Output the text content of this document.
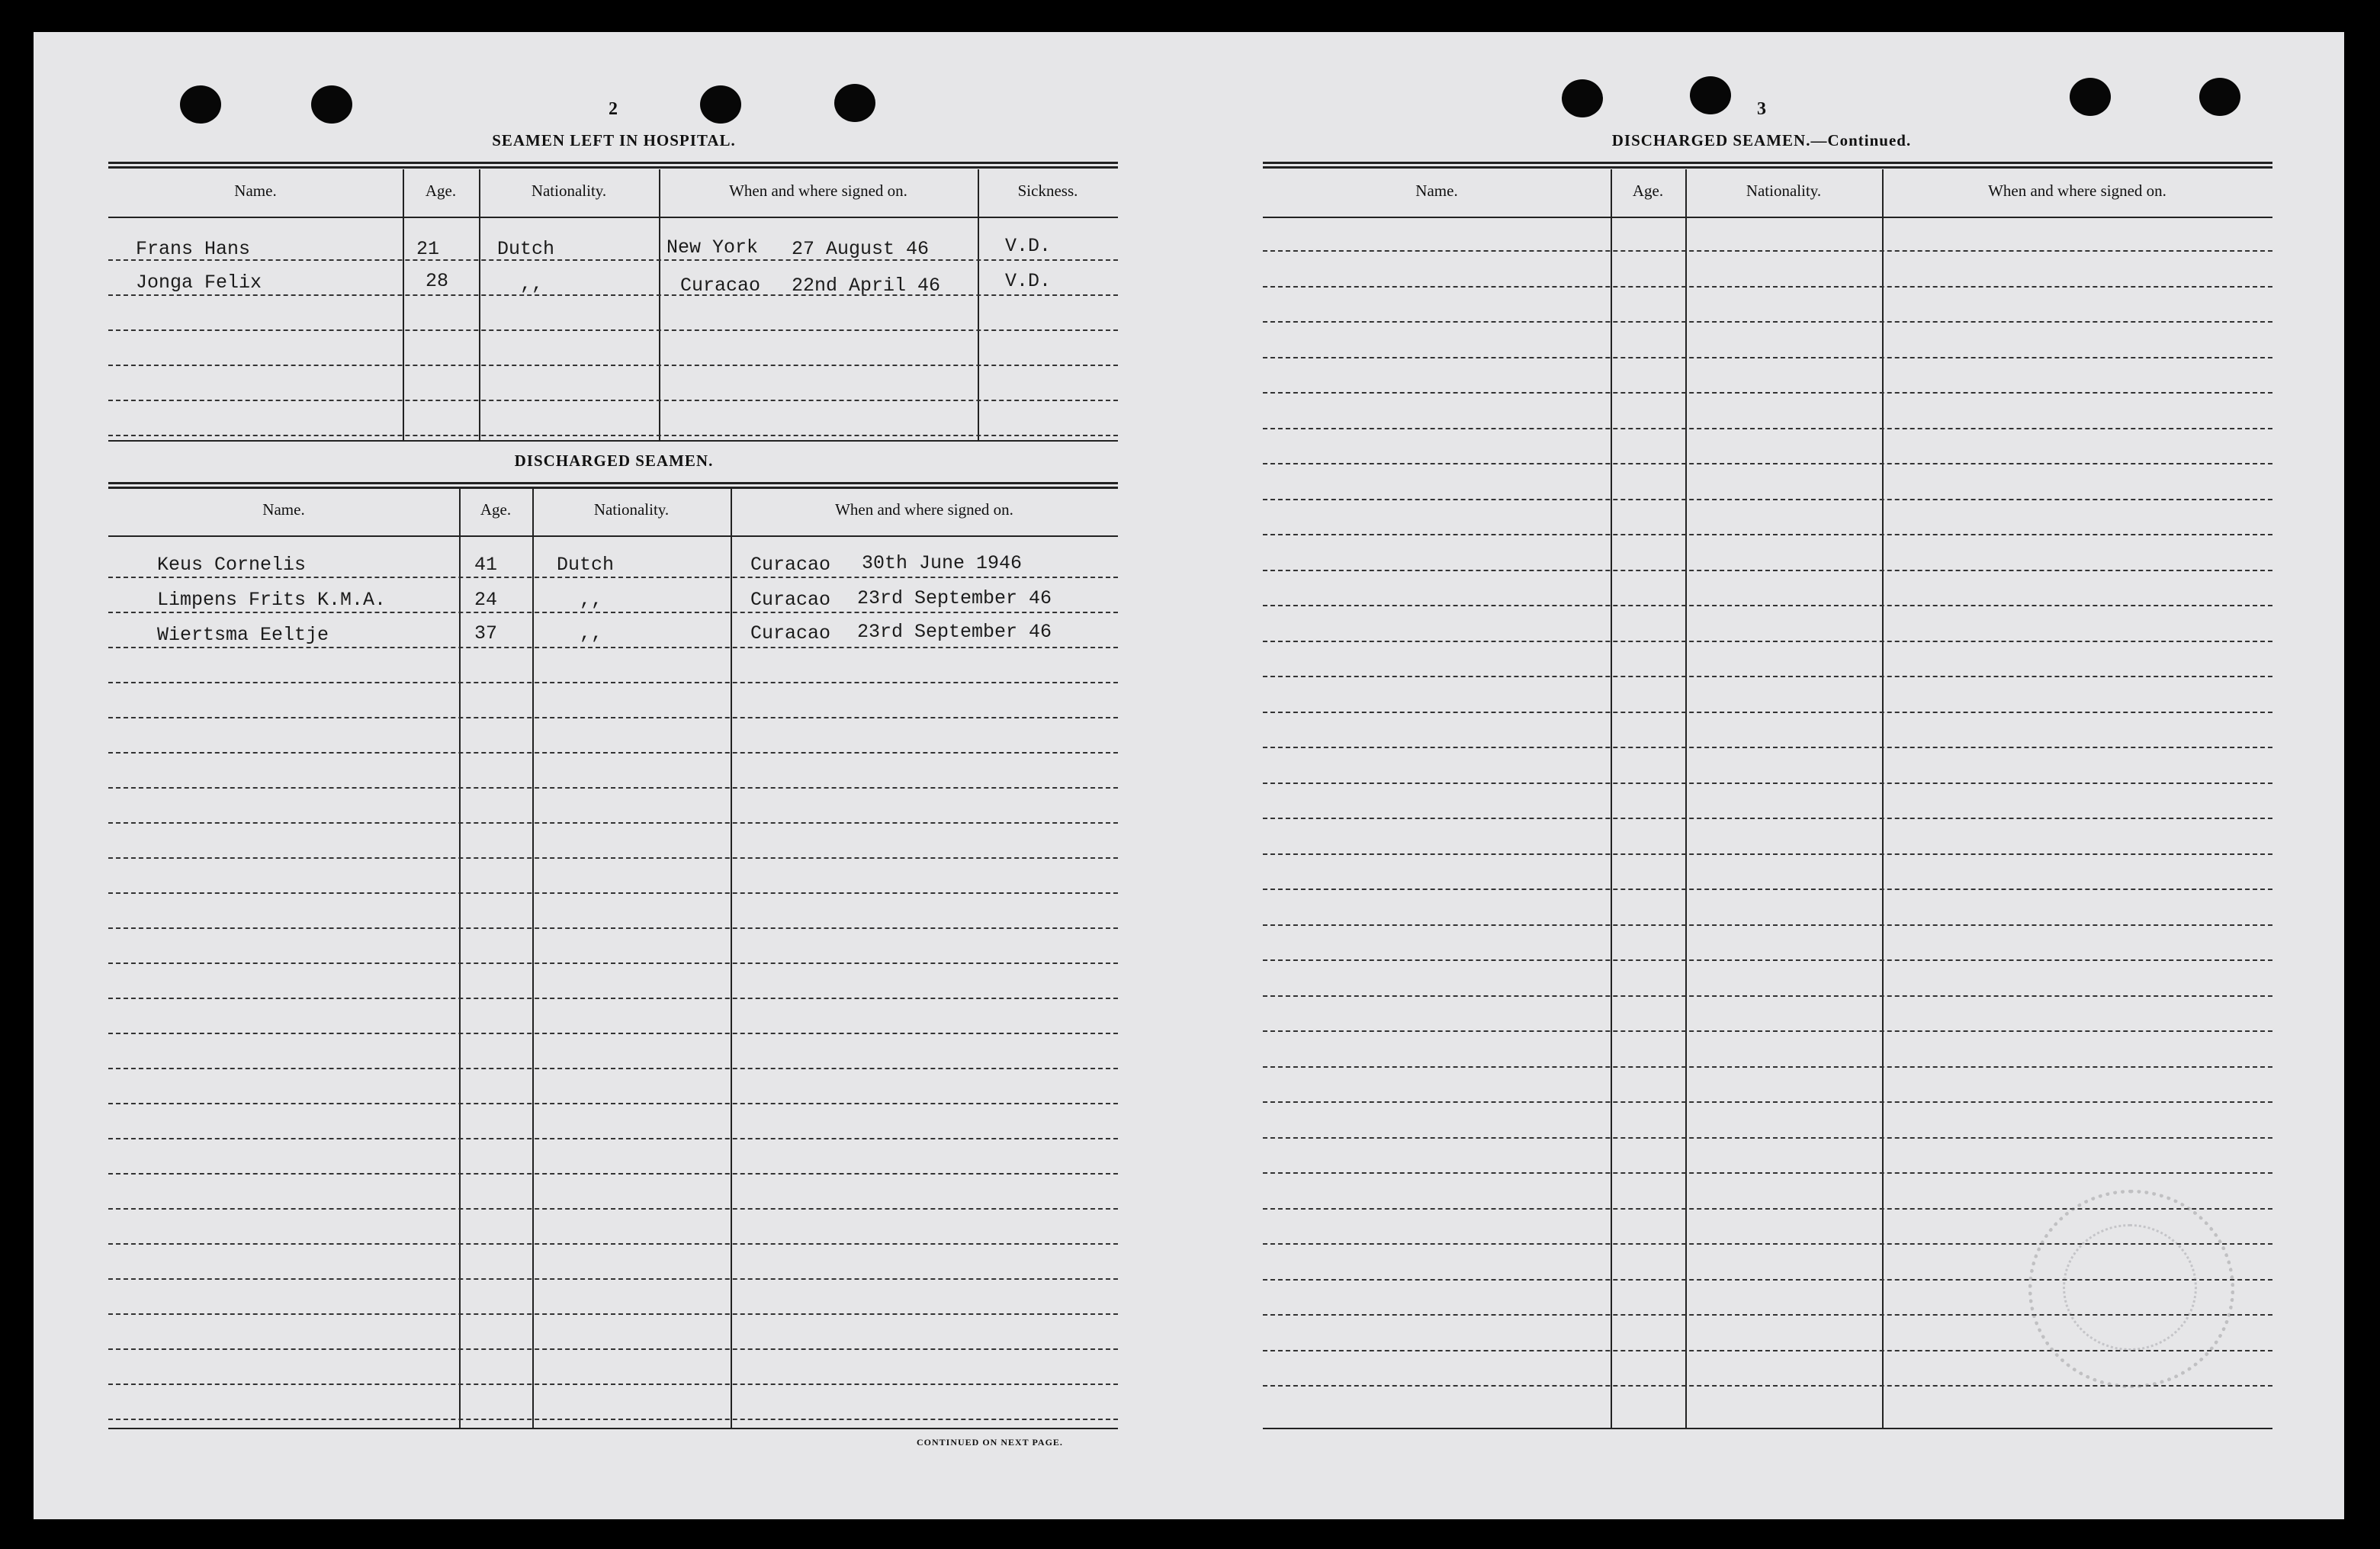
2
SEAMEN LEFT IN HOSPITAL.
Name.	Age.	Nationality.	When and where signed on.	Sickness.
Frans Hans	21	Dutch	New York 27 August 46	V.D.
Jonga Felix	28	,,	Curacao 22nd April 46	V.D.
DISCHARGED SEAMEN.
Name.	Age.	Nationality.	When and where signed on.
Keus Cornelis	41	Dutch	Curacao 30th June 1946
Limpens Frits K.M.A.	24	,,	Curacao 23rd September 46
Wiertsma Eeltje	37	,,	Curacao 23rd September 46
CONTINUED ON NEXT PAGE.
3
DISCHARGED SEAMEN.—Continued.
Name.	Age.	Nationality.	When and where signed on.
